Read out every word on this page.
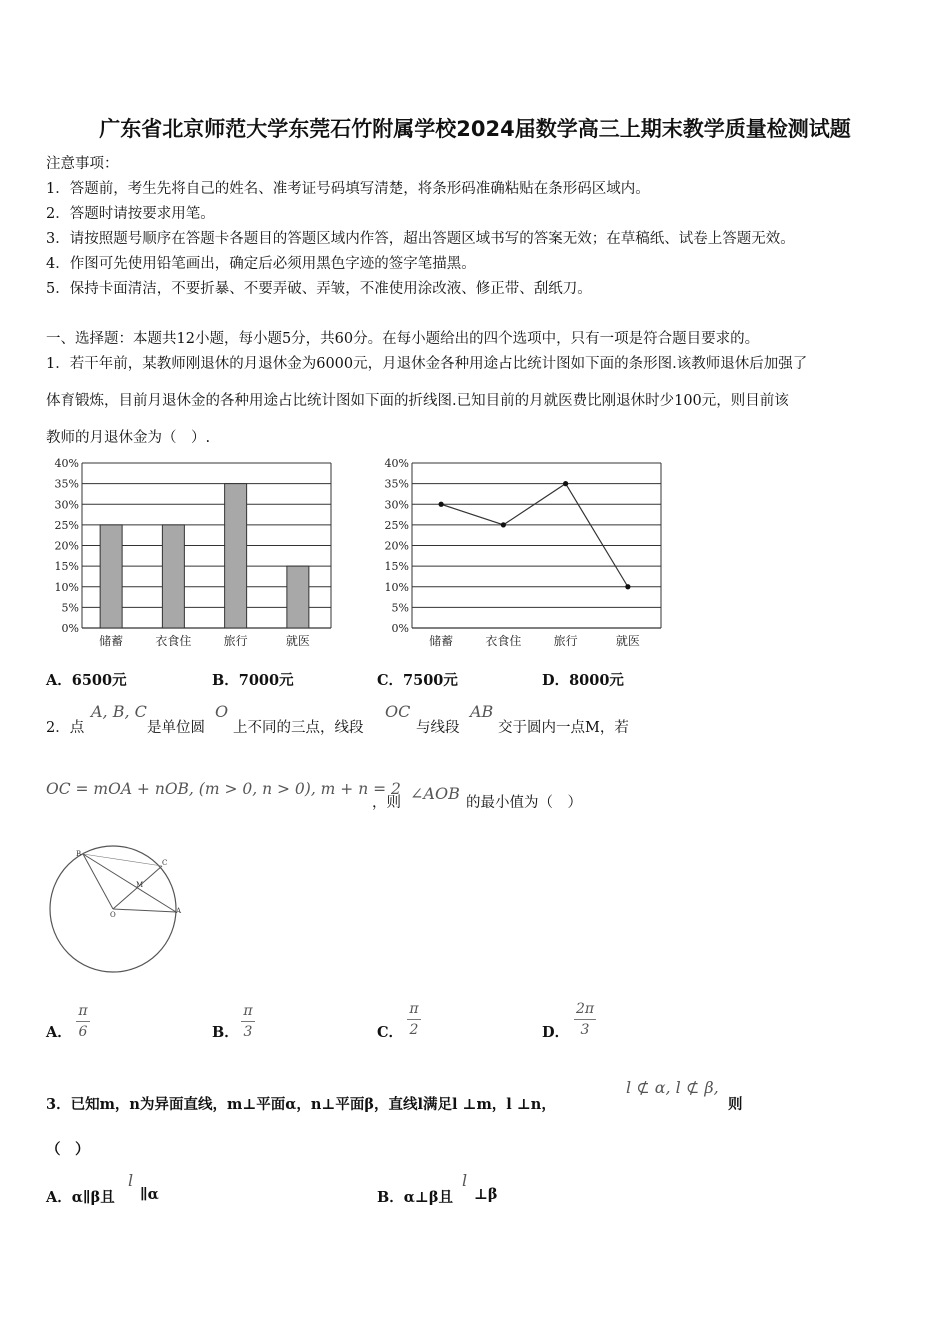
广东省北京师范大学东莞石竹附属学校2024届数学高三上期末教学质量检测试题
注意事项：
1．答题前，考生先将自己的姓名、准考证号码填写清楚，将条形码准确粘贴在条形码区域内。
2．答题时请按要求用笔。
3．请按照题号顺序在答题卡各题目的答题区域内作答，超出答题区域书写的答案无效；在草稿纸、试卷上答题无效。
4．作图可先使用铅笔画出，确定后必须用黑色字迹的签字笔描黑。
5．保持卡面清洁，不要折暴、不要弄破、弄皱，不准使用涂改液、修正带、刮纸刀。
一、选择题：本题共12小题，每小题5分，共60分。在每小题给出的四个选项中，只有一项是符合题目要求的。
1．若干年前，某教师刚退休的月退休金为6000元，月退休金各种用途占比统计图如下面的条形图.该教师退休后加强了
体育锻炼，目前月退休金的各种用途占比统计图如下面的折线图.已知目前的月就医费比刚退休时少100元，则目前该
教师的月退休金为（　）.
0%
5%
10%
15%
20%
25%
30%
35%
40%
储蓄	衣食住	旅行	就医
0%
5%
10%
15%
20%
25%
30%
35%
40%
储蓄	衣食住	旅行	就医
A．6500元	B．7000元	C．7500元	D．8000元
2．点
A, B, C
是单位圆
O
上不同的三点，线段
OC
与线段
AB
交于圆内一点M，若
OC = mOA + nOB, (m > 0, n > 0), m + n = 2
，则 ∠AOB 的最小值为（　）
B
C
M
O	A
A．
π
6	B．
π
3	C．
π
2	D．
2π
3
3．已知m，n为异面直线，m⊥平面α，n⊥平面β，直线l满足l ⊥m，l ⊥n，
l ⊄ α, l ⊄ β,
则
（　）
A．α∥β且
l
∥α	B．α⊥β且
l
⊥β
